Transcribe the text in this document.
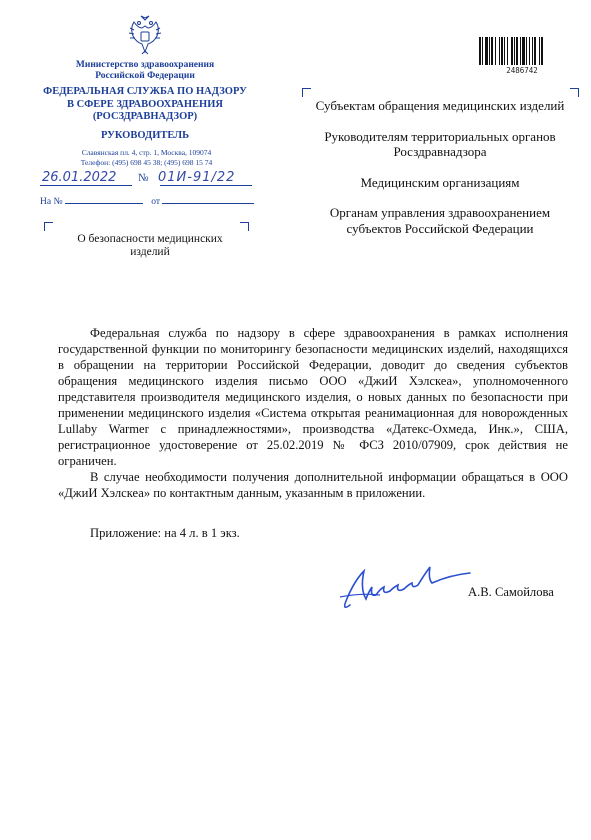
Министерство здравоохранения Российской Федерации
ФЕДЕРАЛЬНАЯ СЛУЖБА ПО НАДЗОРУ
В СФЕРЕ ЗДРАВООХРАНЕНИЯ
(РОСЗДРАВНАДЗОР)
РУКОВОДИТЕЛЬ
Славянская пл. 4, стр. 1, Москва, 109074
Телефон: (495) 698 45 38; (495) 698 15 74
26.01.2022 № 01И-91/22
На №	от
О безопасности медицинских изделий
2486742

Субъектам обращения медицинских изделий

Руководителям территориальных органов Росздравнадзора

Медицинским организациям

Органам управления здравоохранением субъектов Российской Федерации

Федеральная служба по надзору в сфере здравоохранения в рамках исполнения государственной функции по мониторингу безопасности медицинских изделий, находящихся в обращении на территории Российской Федерации, доводит до сведения субъектов обращения медицинского изделия письмо ООО «ДжиИ Хэлскеа», уполномоченного представителя производителя медицинского изделия, о новых данных по безопасности при применении медицинского изделия «Система открытая реанимационная для новорожденных Lullaby Warmer с принадлежностями», производства «Датекс-Охмеда, Инк.», США, регистрационное удостоверение от 25.02.2019 № ФСЗ 2010/07909, срок действия не ограничен.

В случае необходимости получения дополнительной информации обращаться в ООО «ДжиИ Хэлскеа» по контактным данным, указанным в приложении.

Приложение: на 4 л. в 1 экз.
А.В. Самойлова
